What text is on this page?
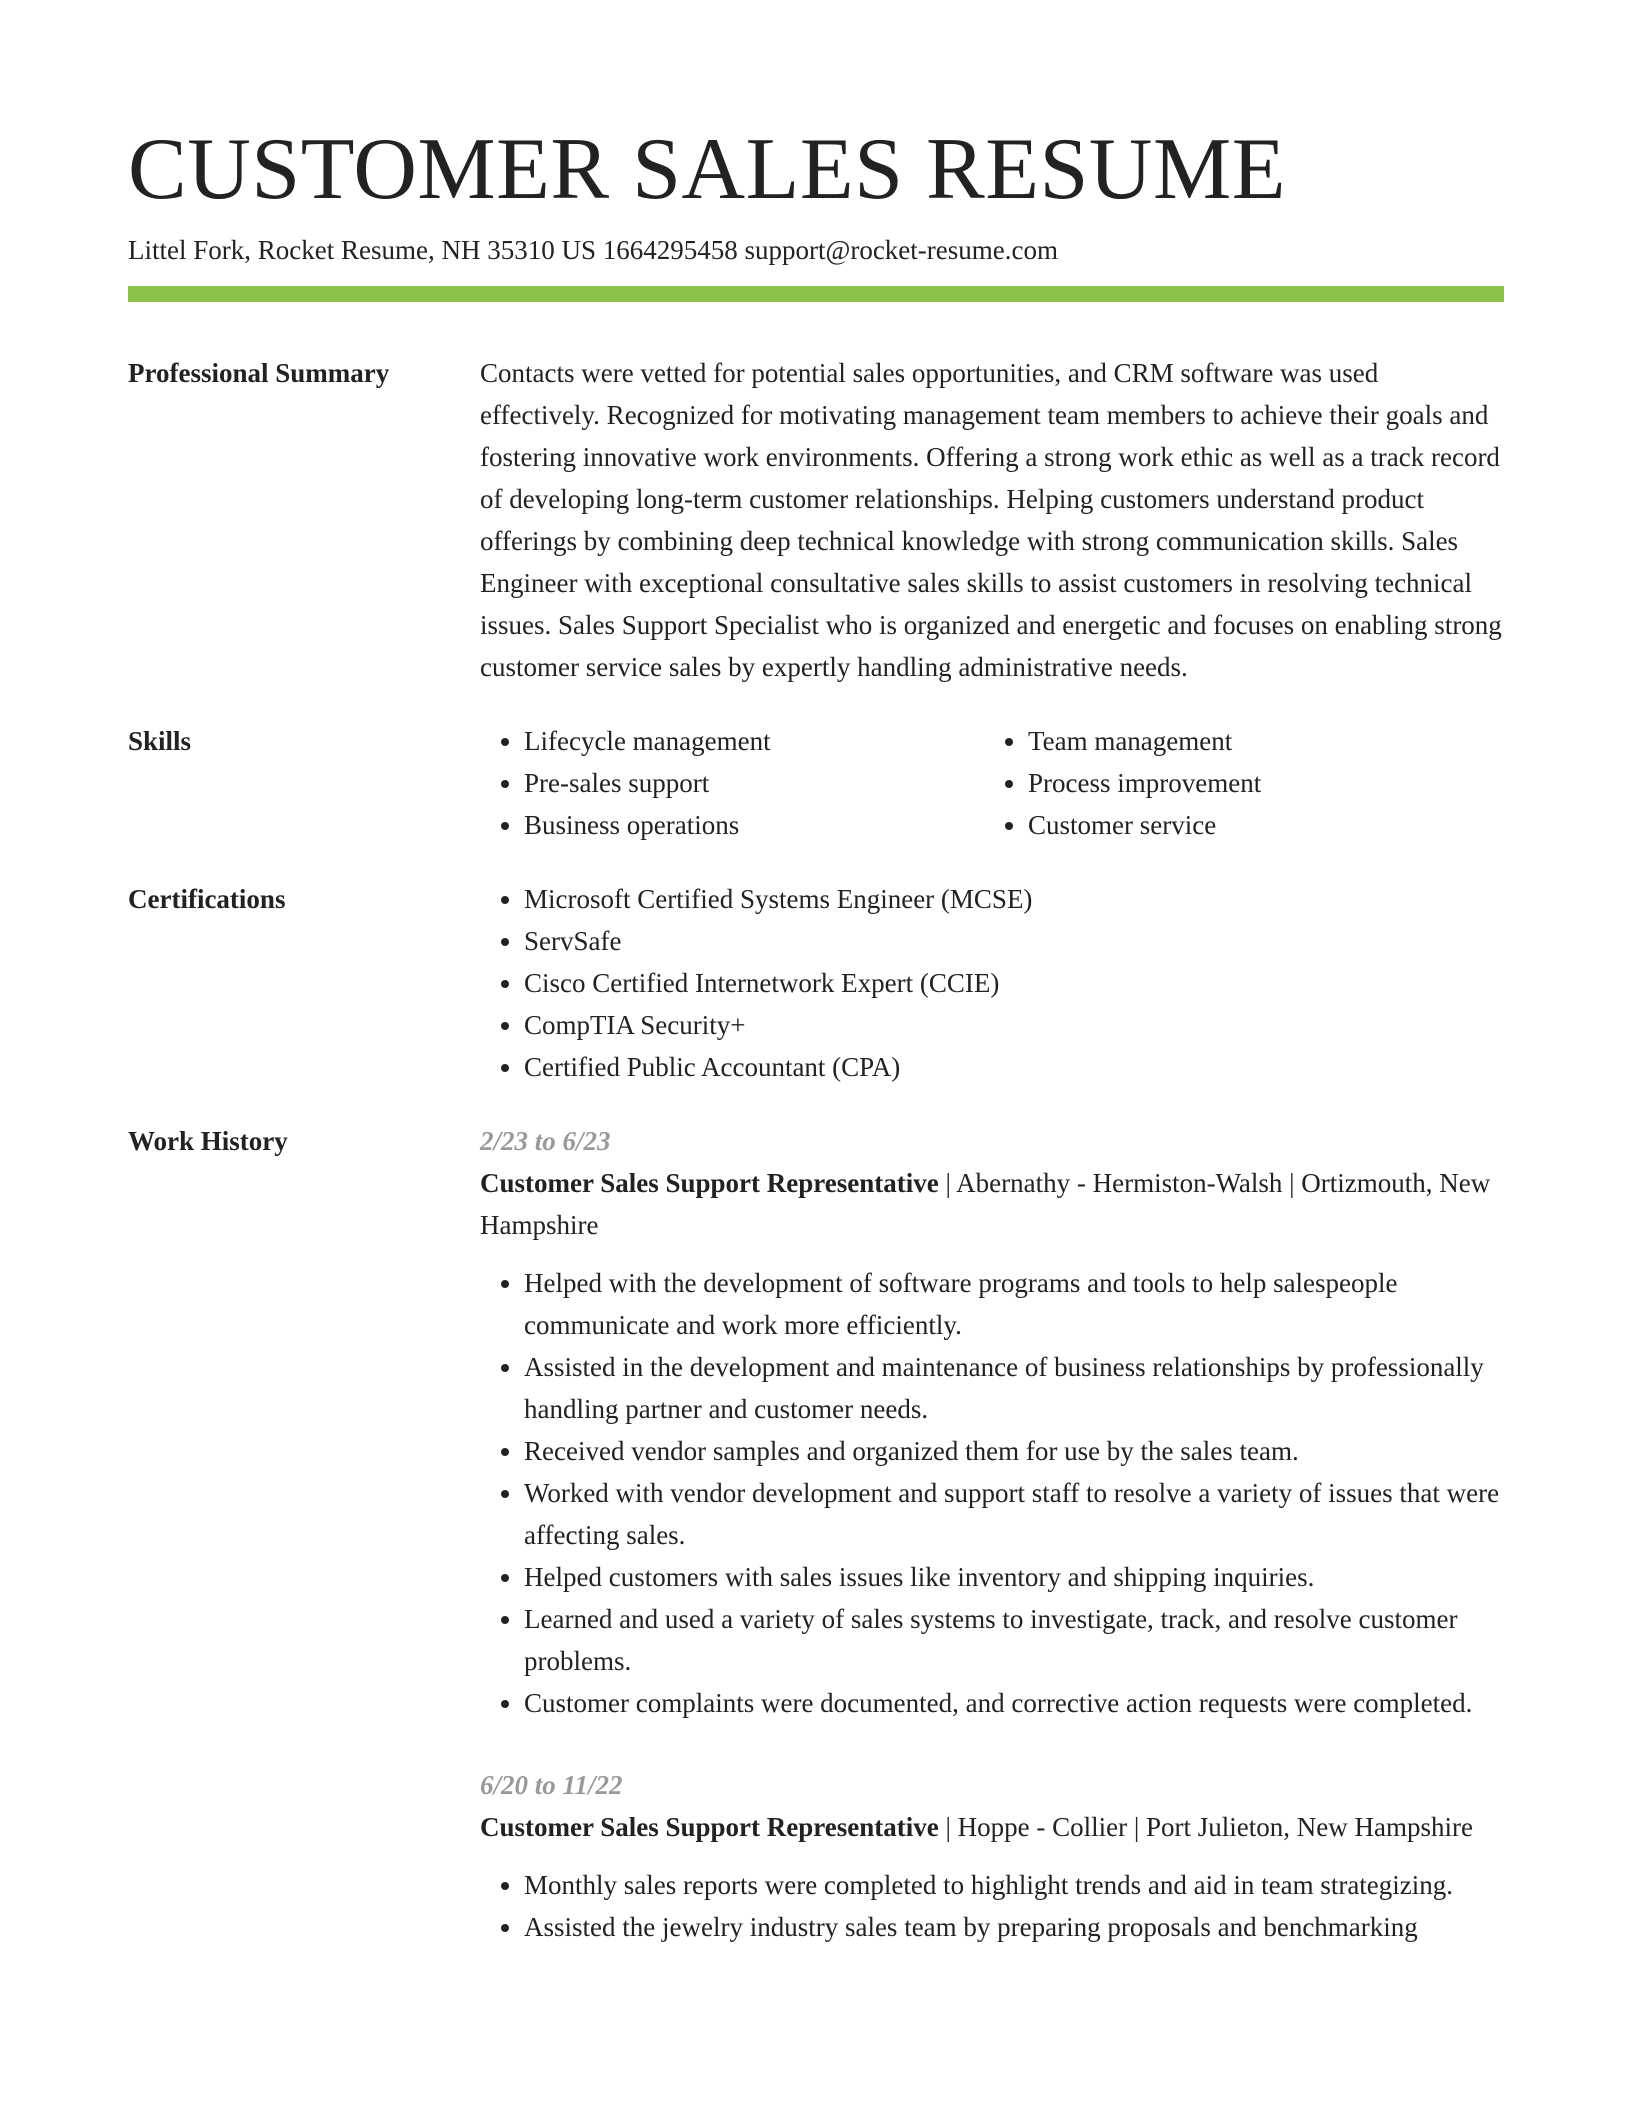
CUSTOMER SALES RESUME
Littel Fork, Rocket Resume, NH 35310 US 1664295458 support@rocket-resume.com
Professional Summary	Contacts were vetted for potential sales opportunities, and CRM software was used effectively. Recognized for motivating management team members to achieve their goals and fostering innovative work environments. Offering a strong work ethic as well as a track record of developing long-term customer relationships. Helping customers understand product offerings by combining deep technical knowledge with strong communication skills. Sales Engineer with exceptional consultative sales skills to assist customers in resolving technical issues. Sales Support Specialist who is organized and energetic and focuses on enabling strong customer service sales by expertly handling administrative needs.
Skills	• Lifecycle management
• Pre-sales support
• Business operations
• Team management
• Process improvement
• Customer service
Certifications	• Microsoft Certified Systems Engineer (MCSE)
• ServSafe
• Cisco Certified Internetwork Expert (CCIE)
• CompTIA Security+
• Certified Public Accountant (CPA)
Work History	2/23 to 6/23
Customer Sales Support Representative | Abernathy - Hermiston-Walsh | Ortizmouth, New Hampshire
• Helped with the development of software programs and tools to help salespeople communicate and work more efficiently.
• Assisted in the development and maintenance of business relationships by professionally handling partner and customer needs.
• Received vendor samples and organized them for use by the sales team.
• Worked with vendor development and support staff to resolve a variety of issues that were affecting sales.
• Helped customers with sales issues like inventory and shipping inquiries.
• Learned and used a variety of sales systems to investigate, track, and resolve customer problems.
• Customer complaints were documented, and corrective action requests were completed.
6/20 to 11/22
Customer Sales Support Representative | Hoppe - Collier | Port Julieton, New Hampshire
• Monthly sales reports were completed to highlight trends and aid in team strategizing.
• Assisted the jewelry industry sales team by preparing proposals and benchmarking
